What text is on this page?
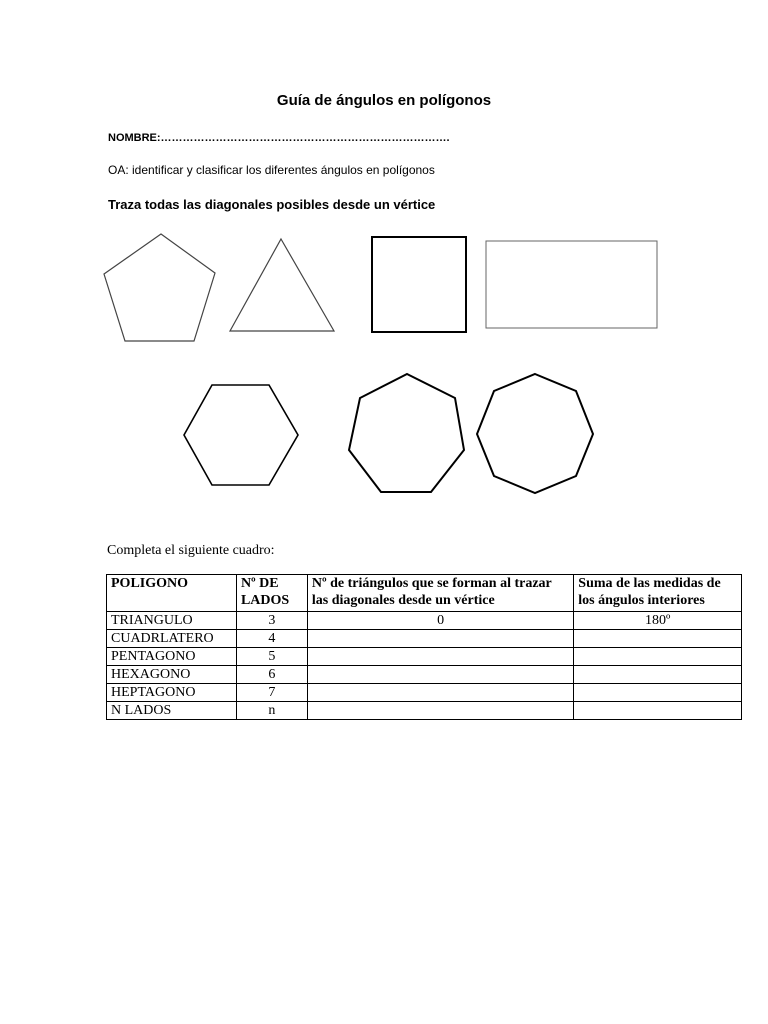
Guía de ángulos en polígonos
NOMBRE:…………………………………………………………………….
OA: identificar y clasificar los diferentes ángulos en polígonos
Traza todas las diagonales posibles desde un vértice
Completa el siguiente cuadro:
POLIGONO	Nº DE LADOS	Nº de triángulos que se forman al trazar las diagonales desde un vértice	Suma de las medidas de los ángulos interiores
TRIANGULO	3	0	180º
CUADRLATERO	4		
PENTAGONO	5		
HEXAGONO	6		
HEPTAGONO	7		
N LADOS	n		
